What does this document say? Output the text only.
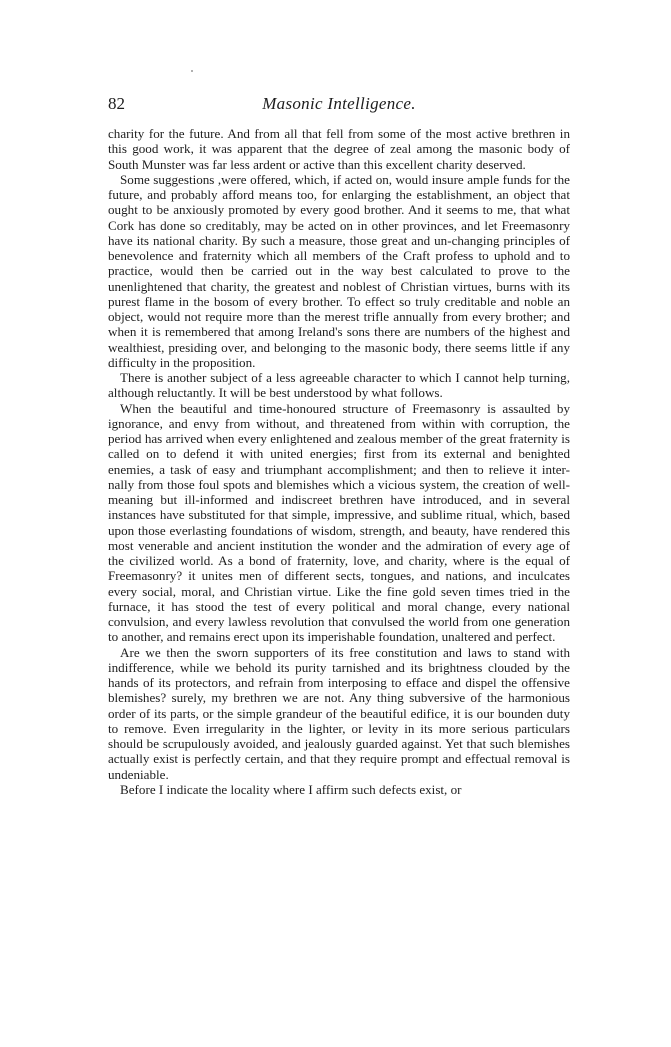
82	Masonic Intelligence.

charity for the future. And from all that fell from some of the most active brethren in this good work, it was apparent that the degree of zeal among the masonic body of South Munster was far less ardent or active than this excellent charity deserved.

Some suggestions ,were offered, which, if acted on, would insure ample funds for the future, and probably afford means too, for enlarging the establishment, an object that ought to be anxiously promoted by every good brother. And it seems to me, that what Cork has done so creditably, may be acted on in other provinces, and let Freemasonry have its national charity. By such a measure, those great and un-changing principles of benevolence and fraternity which all members of the Craft profess to uphold and to practice, would then be carried out in the way best calculated to prove to the unenlightened that charity, the greatest and noblest of Christian virtues, burns with its purest flame in the bosom of every brother. To effect so truly creditable and noble an object, would not require more than the merest trifle annually from every brother; and when it is remembered that among Ireland's sons there are numbers of the highest and wealthiest, presiding over, and belonging to the masonic body, there seems little if any difficulty in the proposition.

There is another subject of a less agreeable character to which I cannot help turning, although reluctantly. It will be best understood by what follows.

When the beautiful and time-honoured structure of Freemasonry is assaulted by ignorance, and envy from without, and threatened from within with corruption, the period has arrived when every enlightened and zealous member of the great fraternity is called on to defend it with united energies; first from its external and benighted enemies, a task of easy and triumphant accomplishment; and then to relieve it inter-nally from those foul spots and blemishes which a vicious system, the creation of well-meaning but ill-informed and indiscreet brethren have introduced, and in several instances have substituted for that simple, impressive, and sublime ritual, which, based upon those everlasting foundations of wisdom, strength, and beauty, have rendered this most venerable and ancient institution the wonder and the admiration of every age of the civilized world. As a bond of fraternity, love, and charity, where is the equal of Freemasonry? it unites men of different sects, tongues, and nations, and inculcates every social, moral, and Christian virtue. Like the fine gold seven times tried in the furnace, it has stood the test of every political and moral change, every national convulsion, and every lawless revolution that convulsed the world from one generation to another, and remains erect upon its imperishable foundation, unaltered and perfect.

Are we then the sworn supporters of its free constitution and laws to stand with indifference, while we behold its purity tarnished and its brightness clouded by the hands of its protectors, and refrain from interposing to efface and dispel the offensive blemishes? surely, my brethren we are not. Any thing subversive of the harmonious order of its parts, or the simple grandeur of the beautiful edifice, it is our bounden duty to remove. Even irregularity in the lighter, or levity in its more serious particulars should be scrupulously avoided, and jealously guarded against. Yet that such blemishes actually exist is perfectly certain, and that they require prompt and effectual removal is undeniable.

Before I indicate the locality where I affirm such defects exist, or
